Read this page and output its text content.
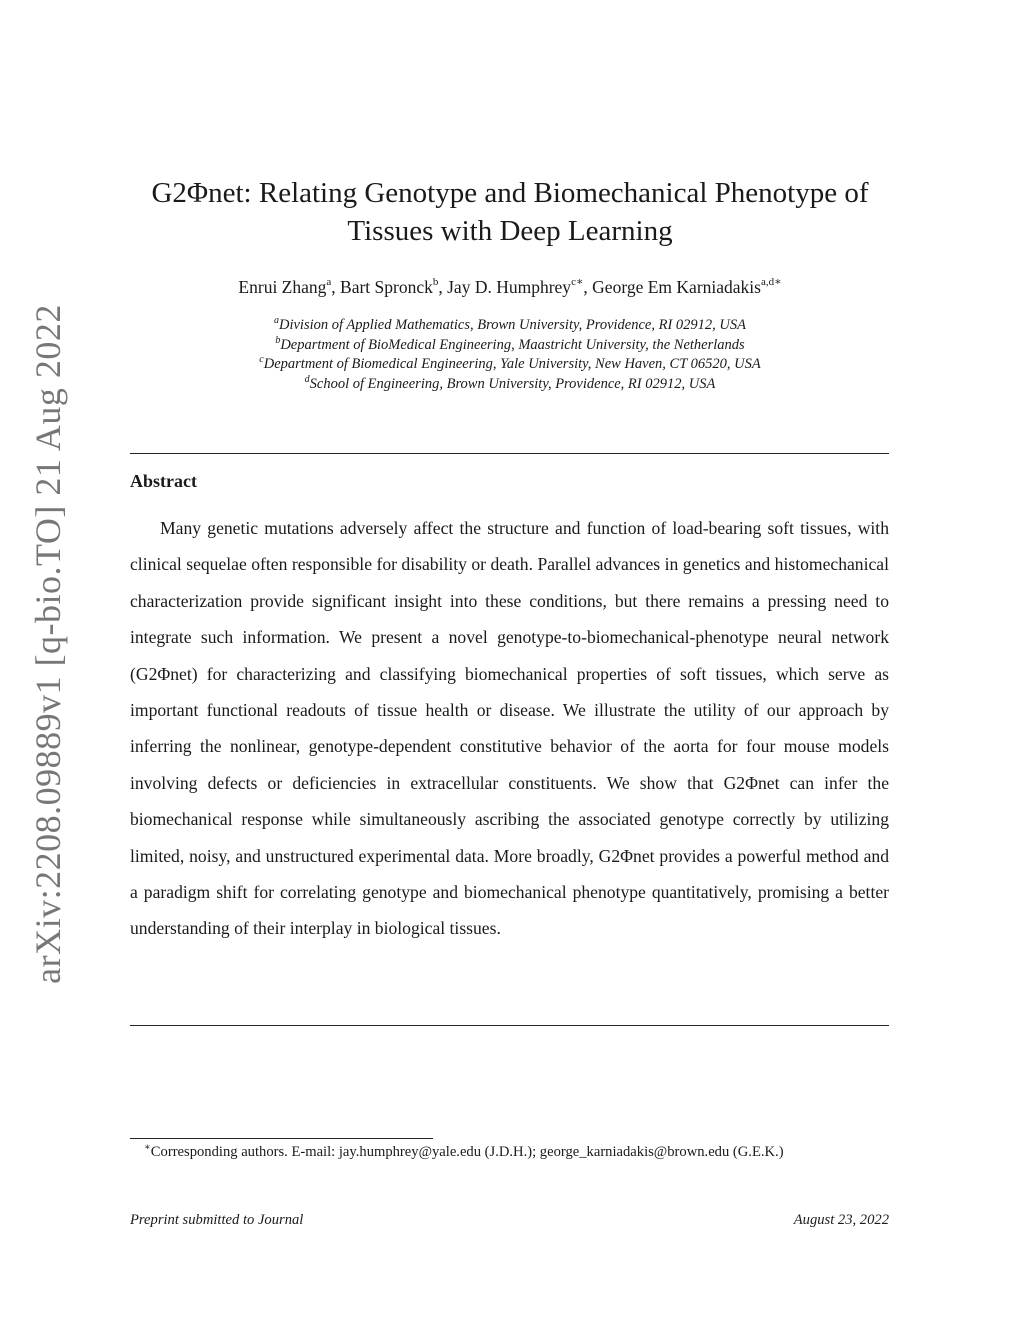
arXiv:2208.09889v1 [q-bio.TO] 21 Aug 2022
G2Φnet: Relating Genotype and Biomechanical Phenotype of
Tissues with Deep Learning
Enrui Zhang$^a$, Bart Spronck$^b$, Jay D. Humphrey$^{c∗}$, George Em Karniadakis$^{a,d∗}$
$^a$Division of Applied Mathematics, Brown University, Providence, RI 02912, USA
$^b$Department of BioMedical Engineering, Maastricht University, the Netherlands
$^c$Department of Biomedical Engineering, Yale University, New Haven, CT 06520, USA
$^d$School of Engineering, Brown University, Providence, RI 02912, USA
Abstract

Many genetic mutations adversely affect the structure and function of load-bearing soft tissues, with clinical sequelae often responsible for disability or death. Parallel advances in genetics and histomechanical characterization provide significant insight into these conditions, but there remains a pressing need to integrate such information. We present a novel genotype-to-biomechanical-phenotype neural network (G2Φnet) for characterizing and classifying biomechanical properties of soft tissues, which serve as important functional readouts of tissue health or disease. We illustrate the utility of our approach by inferring the nonlinear, genotype-dependent constitutive behavior of the aorta for four mouse models involving defects or deficiencies in extracellular constituents. We show that G2Φnet can infer the biomechanical response while simultaneously ascribing the associated genotype correctly by utilizing limited, noisy, and unstructured experimental data. More broadly, G2Φnet provides a powerful method and a paradigm shift for correlating genotype and biomechanical phenotype quantitatively, promising a better understanding of their interplay in biological tissues.

∗Corresponding authors. E-mail: jay.humphrey@yale.edu (J.D.H.); george_karniadakis@brown.edu (G.E.K.)

Preprint submitted to Journal	August 23, 2022
